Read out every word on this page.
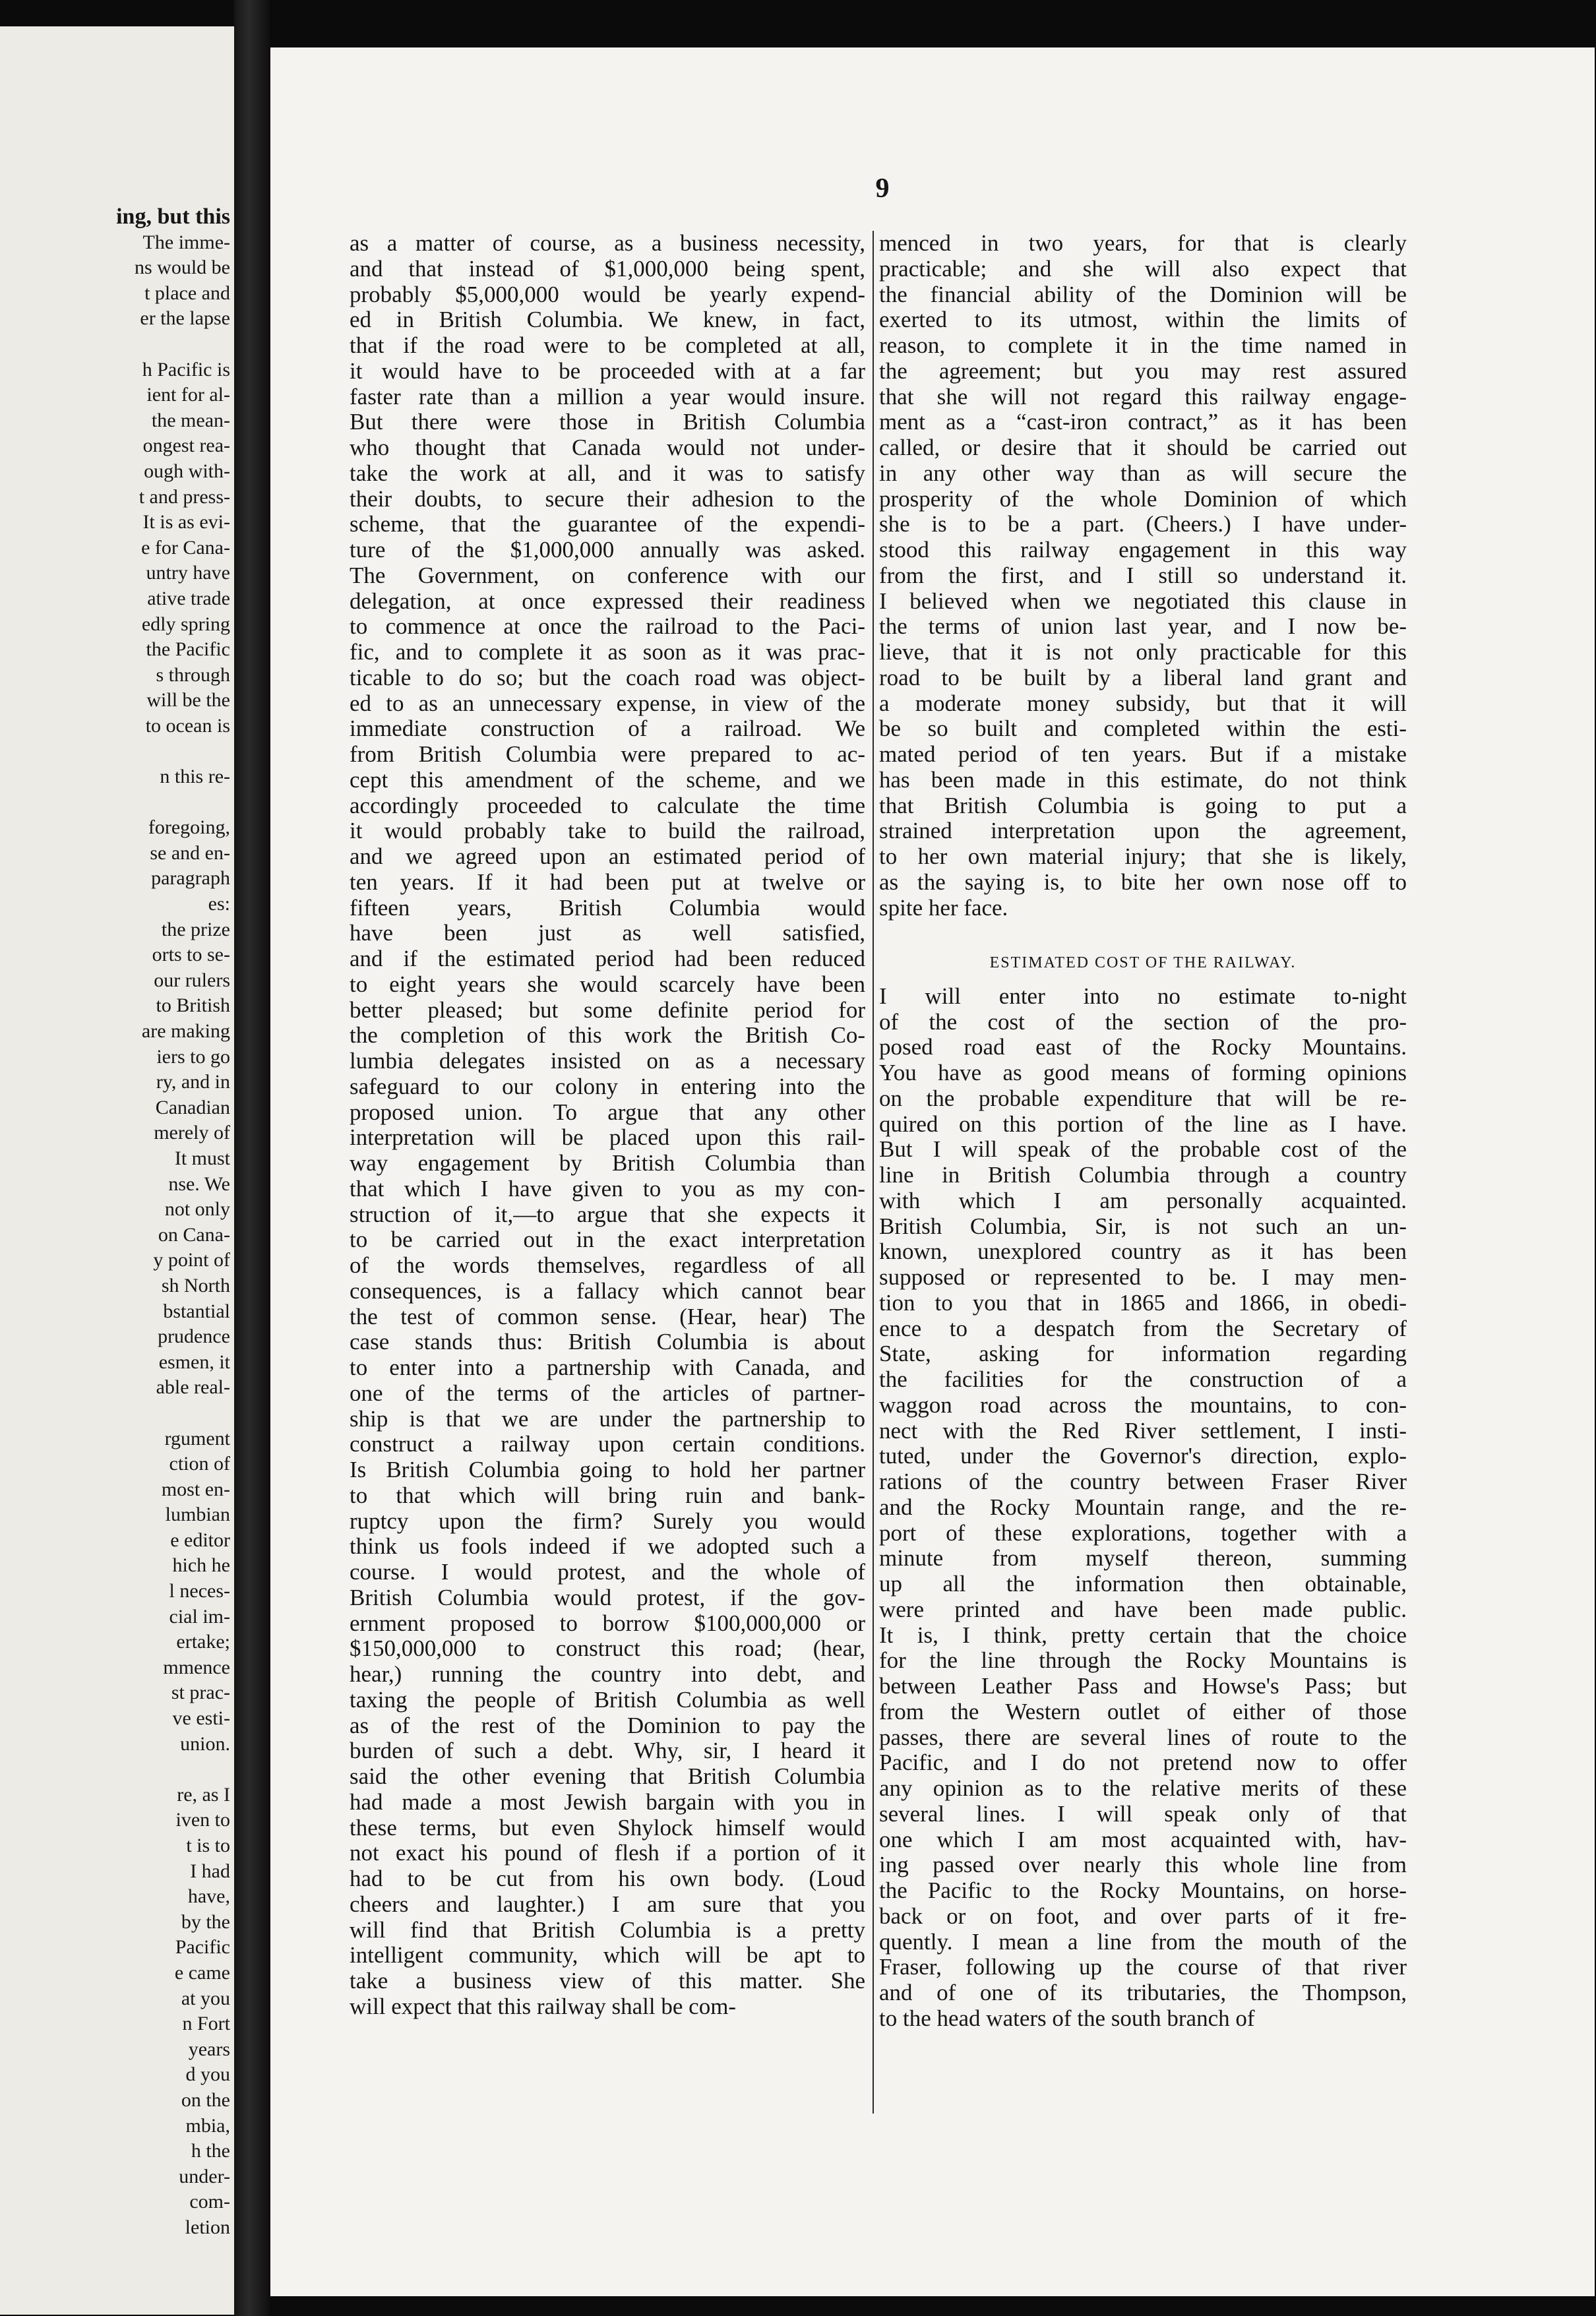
ing, but this
The imme-
ns would be
t place and
er the lapse
h Pacific is
ient for al-
the mean-
ongest rea-
ough with-
t and press-
It is as evi-
e for Cana-
untry have
ative trade
edly spring
the Pacific
s through
will be the
to ocean is
n this re-
foregoing,
se and en-
paragraph
es:
the prize
orts to se-
our rulers
to British
are making
iers to go
ry, and in
Canadian
merely of
It must
nse. We
not only
on Cana-
y point of
sh North
bstantial
prudence
esmen, it
able real-
rgument
ction of
most en-
lumbian
e editor
hich he
l neces-
cial im-
ertake;
mmence
st prac-
ve esti-
union.
re, as I
iven to
t is to
I had
have,
by the
Pacific
e came
at you
n Fort
years
d you
on the
mbia,
h the
under-
com-
letion
9
as a matter of course, as a business necessity,
and that instead of $1,000,000 being spent,
probably $5,000,000 would be yearly expend-
ed in British Columbia. We knew, in fact,
that if the road were to be completed at all,
it would have to be proceeded with at a far
faster rate than a million a year would insure.
But there were those in British Columbia
who thought that Canada would not under-
take the work at all, and it was to satisfy
their doubts, to secure their adhesion to the
scheme, that the guarantee of the expendi-
ture of the $1,000,000 annually was asked.
The Government, on conference with our
delegation, at once expressed their readiness
to commence at once the railroad to the Paci-
fic, and to complete it as soon as it was prac-
ticable to do so; but the coach road was object-
ed to as an unnecessary expense, in view of the
immediate construction of a railroad. We
from British Columbia were prepared to ac-
cept this amendment of the scheme, and we
accordingly proceeded to calculate the time
it would probably take to build the railroad,
and we agreed upon an estimated period of
ten years. If it had been put at twelve or
fifteen years, British Columbia would
have been just as well satisfied,
and if the estimated period had been reduced
to eight years she would scarcely have been
better pleased; but some definite period for
the completion of this work the British Co-
lumbia delegates insisted on as a necessary
safeguard to our colony in entering into the
proposed union. To argue that any other
interpretation will be placed upon this rail-
way engagement by British Columbia than
that which I have given to you as my con-
struction of it,—to argue that she expects it
to be carried out in the exact interpretation
of the words themselves, regardless of all
consequences, is a fallacy which cannot bear
the test of common sense. (Hear, hear) The
case stands thus: British Columbia is about
to enter into a partnership with Canada, and
one of the terms of the articles of partner-
ship is that we are under the partnership to
construct a railway upon certain conditions.
Is British Columbia going to hold her partner
to that which will bring ruin and bank-
ruptcy upon the firm? Surely you would
think us fools indeed if we adopted such a
course. I would protest, and the whole of
British Columbia would protest, if the gov-
ernment proposed to borrow $100,000,000 or
$150,000,000 to construct this road; (hear,
hear,) running the country into debt, and
taxing the people of British Columbia as well
as of the rest of the Dominion to pay the
burden of such a debt. Why, sir, I heard it
said the other evening that British Columbia
had made a most Jewish bargain with you in
these terms, but even Shylock himself would
not exact his pound of flesh if a portion of it
had to be cut from his own body. (Loud
cheers and laughter.) I am sure that you
will find that British Columbia is a pretty
intelligent community, which will be apt to
take a business view of this matter. She
will expect that this railway shall be com-
menced in two years, for that is clearly
practicable; and she will also expect that
the financial ability of the Dominion will be
exerted to its utmost, within the limits of
reason, to complete it in the time named in
the agreement; but you may rest assured
that she will not regard this railway engage-
ment as a “cast-iron contract,” as it has been
called, or desire that it should be carried out
in any other way than as will secure the
prosperity of the whole Dominion of which
she is to be a part. (Cheers.) I have under-
stood this railway engagement in this way
from the first, and I still so understand it.
I believed when we negotiated this clause in
the terms of union last year, and I now be-
lieve, that it is not only practicable for this
road to be built by a liberal land grant and
a moderate money subsidy, but that it will
be so built and completed within the esti-
mated period of ten years. But if a mistake
has been made in this estimate, do not think
that British Columbia is going to put a
strained interpretation upon the agreement,
to her own material injury; that she is likely,
as the saying is, to bite her own nose off to
spite her face.
ESTIMATED COST OF THE RAILWAY.
I will enter into no estimate to-night
of the cost of the section of the pro-
posed road east of the Rocky Mountains.
You have as good means of forming opinions
on the probable expenditure that will be re-
quired on this portion of the line as I have.
But I will speak of the probable cost of the
line in British Columbia through a country
with which I am personally acquainted.
British Columbia, Sir, is not such an un-
known, unexplored country as it has been
supposed or represented to be. I may men-
tion to you that in 1865 and 1866, in obedi-
ence to a despatch from the Secretary of
State, asking for information regarding
the facilities for the construction of a
waggon road across the mountains, to con-
nect with the Red River settlement, I insti-
tuted, under the Governor's direction, explo-
rations of the country between Fraser River
and the Rocky Mountain range, and the re-
port of these explorations, together with a
minute from myself thereon, summing
up all the information then obtainable,
were printed and have been made public.
It is, I think, pretty certain that the choice
for the line through the Rocky Mountains is
between Leather Pass and Howse's Pass; but
from the Western outlet of either of those
passes, there are several lines of route to the
Pacific, and I do not pretend now to offer
any opinion as to the relative merits of these
several lines. I will speak only of that
one which I am most acquainted with, hav-
ing passed over nearly this whole line from
the Pacific to the Rocky Mountains, on horse-
back or on foot, and over parts of it fre-
quently. I mean a line from the mouth of the
Fraser, following up the course of that river
and of one of its tributaries, the Thompson,
to the head waters of the south branch of
